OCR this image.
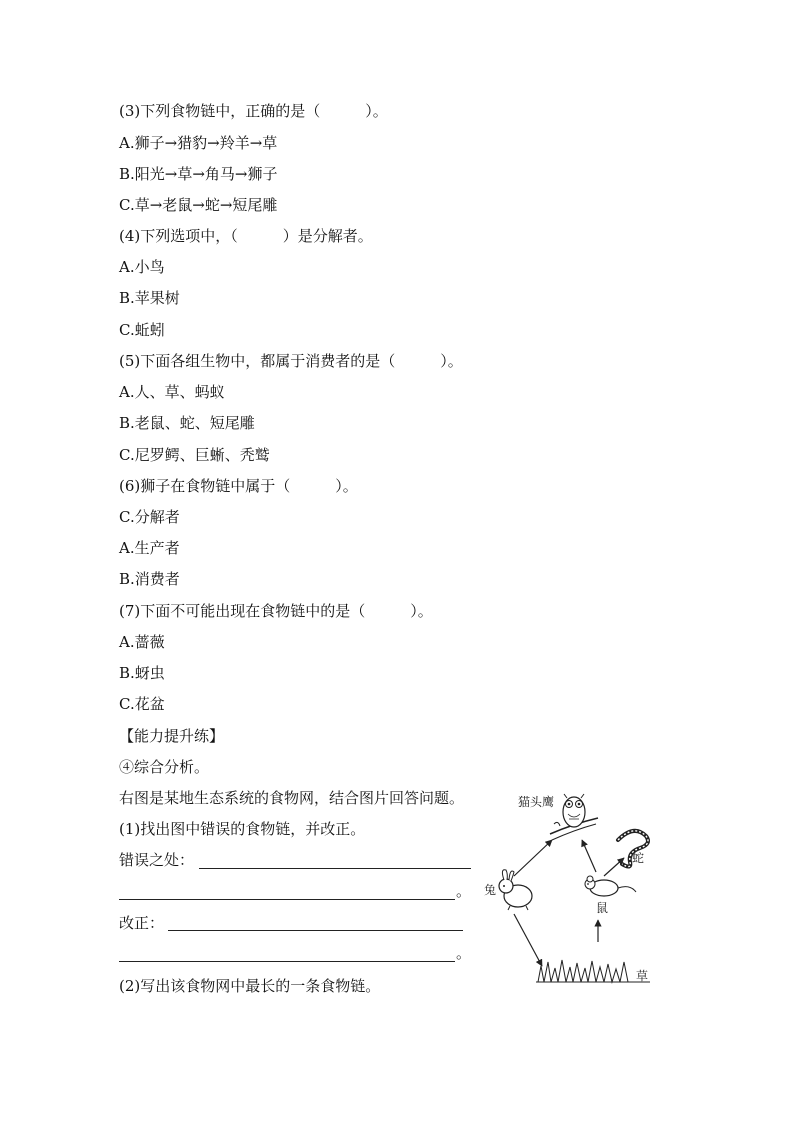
(3)下列食物链中，正确的是（　　　）。
A.狮子→猎豹→羚羊→草
B.阳光→草→角马→狮子
C.草→老鼠→蛇→短尾雕
(4)下列选项中，（　　　）是分解者。
A.小鸟
B.苹果树
C.蚯蚓
(5)下面各组生物中，都属于消费者的是（　　　）。
A.人、草、蚂蚁
B.老鼠、蛇、短尾雕
C.尼罗鳄、巨蜥、秃鹫
(6)狮子在食物链中属于（　　　）。
C.分解者
A.生产者
B.消费者
(7)下面不可能出现在食物链中的是（　　　）。
A.蔷薇
B.蚜虫
C.花盆
【能力提升练】
④综合分析。
右图是某地生态系统的食物网，结合图片回答问题。
(1)找出图中错误的食物链，并改正。
错误之处：
。
改正：
。
(2)写出该食物网中最长的一条食物链。
猫头鹰
蛇
兔
鼠
草
